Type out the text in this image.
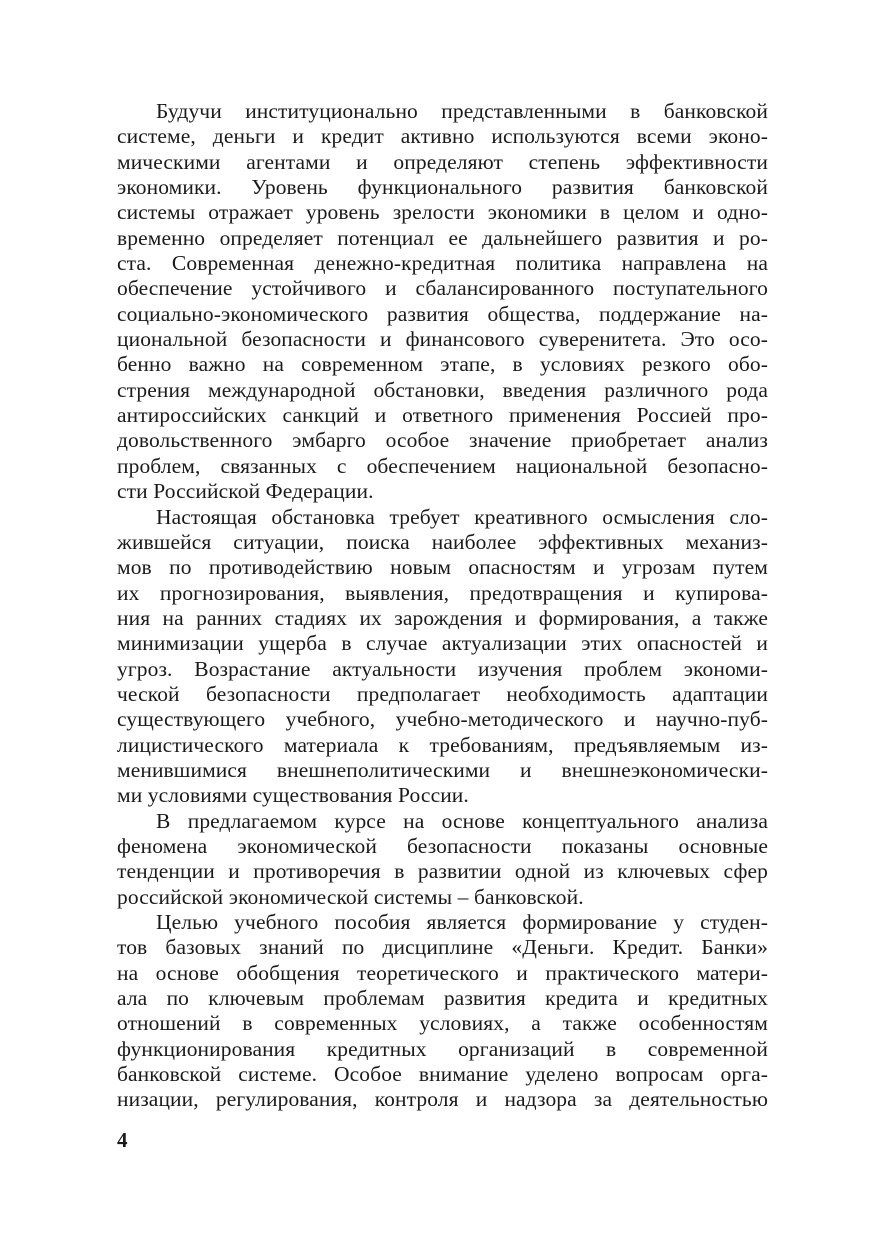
Будучи институционально представленными в банковской
системе, деньги и кредит активно используются всеми эконо-
мическими агентами и определяют степень эффективности
экономики. Уровень функционального развития банковской
системы отражает уровень зрелости экономики в целом и одно-
временно определяет потенциал ее дальнейшего развития и ро-
ста. Современная денежно-кредитная политика направлена на
обеспечение устойчивого и сбалансированного поступательного
социально-экономического развития общества, поддержание на-
циональной безопасности и финансового суверенитета. Это осо-
бенно важно на современном этапе, в условиях резкого обо-
стрения международной обстановки, введения различного рода
антироссийских санкций и ответного применения Россией про-
довольственного эмбарго особое значение приобретает анализ
проблем, связанных с обеспечением национальной безопасно-
сти Российской Федерации.
Настоящая обстановка требует креативного осмысления сло-
жившейся ситуации, поиска наиболее эффективных механиз-
мов по противодействию новым опасностям и угрозам путем
их прогнозирования, выявления, предотвращения и купирова-
ния на ранних стадиях их зарождения и формирования, а также
минимизации ущерба в случае актуализации этих опасностей и
угроз. Возрастание актуальности изучения проблем экономи-
ческой безопасности предполагает необходимость адаптации
существующего учебного, учебно-методического и научно-пуб-
лицистического материала к требованиям, предъявляемым из-
менившимися внешнеполитическими и внешнеэкономически-
ми условиями существования России.
В предлагаемом курсе на основе концептуального анализа
феномена экономической безопасности показаны основные
тенденции и противоречия в развитии одной из ключевых сфер
российской экономической системы – банковской.
Целью учебного пособия является формирование у студен-
тов базовых знаний по дисциплине «Деньги. Кредит. Банки»
на основе обобщения теоретического и практического матери-
ала по ключевым проблемам развития кредита и кредитных
отношений в современных условиях, а также особенностям
функционирования кредитных организаций в современной
банковской системе. Особое внимание уделено вопросам орга-
низации, регулирования, контроля и надзора за деятельностью
4
